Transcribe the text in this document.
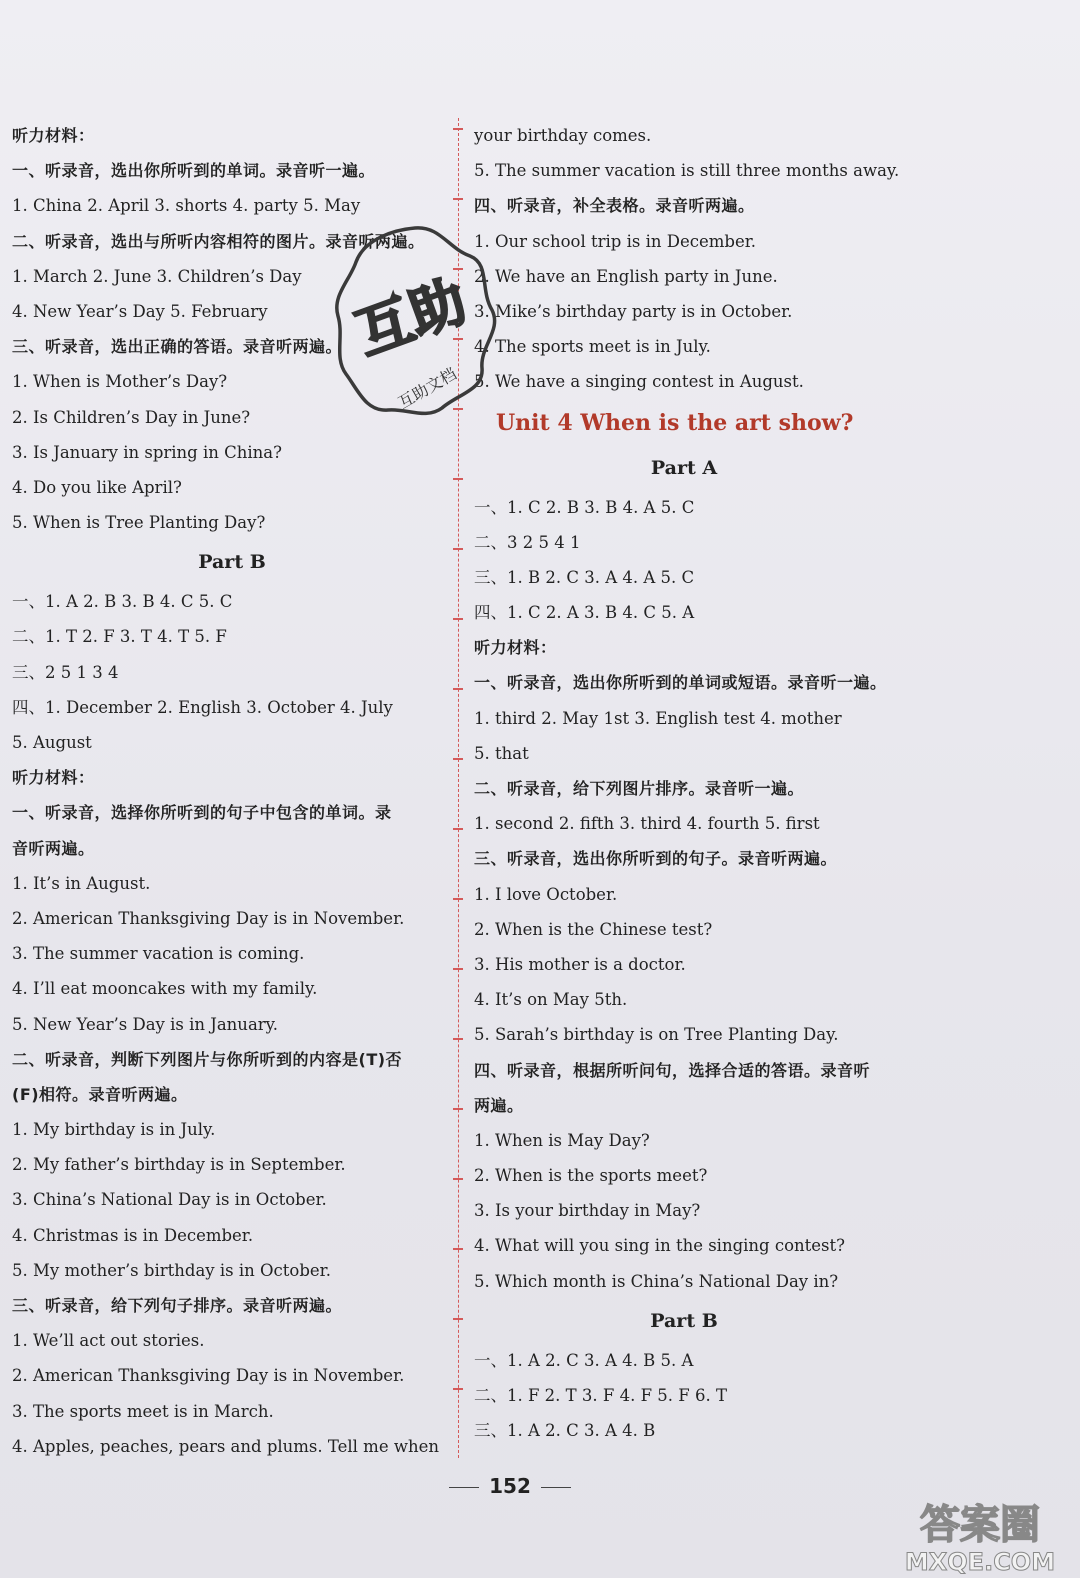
听力材料：
一、听录音，选出你所听到的单词。录音听一遍。
1. China 2. April 3. shorts 4. party 5. May
二、听录音，选出与所听内容相符的图片。录音听两遍。
1. March 2. June 3. Children’s Day
4. New Year’s Day 5. February
三、听录音，选出正确的答语。录音听两遍。
1. When is Mother’s Day?
2. Is Children’s Day in June?
3. Is January in spring in China?
4. Do you like April?
5. When is Tree Planting Day?
Part B
一、1. A 2. B 3. B 4. C 5. C
二、1. T 2. F 3. T 4. T 5. F
三、2 5 1 3 4
四、1. December 2. English 3. October 4. July
5. August
听力材料：
一、听录音，选择你所听到的句子中包含的单词。录
音听两遍。
1. It’s in August.
2. American Thanksgiving Day is in November.
3. The summer vacation is coming.
4. I’ll eat mooncakes with my family.
5. New Year’s Day is in January.
二、听录音，判断下列图片与你所听到的内容是(T)否
(F)相符。录音听两遍。
1. My birthday is in July.
2. My father’s birthday is in September.
3. China’s National Day is in October.
4. Christmas is in December.
5. My mother’s birthday is in October.
三、听录音，给下列句子排序。录音听两遍。
1. We’ll act out stories.
2. American Thanksgiving Day is in November.
3. The sports meet is in March.
4. Apples, peaches, pears and plums. Tell me when
your birthday comes.
5. The summer vacation is still three months away.
四、听录音，补全表格。录音听两遍。
1. Our school trip is in December.
2. We have an English party in June.
3. Mike’s birthday party is in October.
4. The sports meet is in July.
5. We have a singing contest in August.
Unit 4 When is the art show?
Part A
一、1. C 2. B 3. B 4. A 5. C
二、3 2 5 4 1
三、1. B 2. C 3. A 4. A 5. C
四、1. C 2. A 3. B 4. C 5. A
听力材料：
一、听录音，选出你所听到的单词或短语。录音听一遍。
1. third 2. May 1st 3. English test 4. mother
5. that
二、听录音，给下列图片排序。录音听一遍。
1. second 2. fifth 3. third 4. fourth 5. first
三、听录音，选出你所听到的句子。录音听两遍。
1. I love October.
2. When is the Chinese test?
3. His mother is a doctor.
4. It’s on May 5th.
5. Sarah’s birthday is on Tree Planting Day.
四、听录音，根据所听问句，选择合适的答语。录音听
两遍。
1. When is May Day?
2. When is the sports meet?
3. Is your birthday in May?
4. What will you sing in the singing contest?
5. Which month is China’s National Day in?
Part B
一、1. A 2. C 3. A 4. B 5. A
二、1. F 2. T 3. F 4. F 5. F 6. T
三、1. A 2. C 3. A 4. B
互助
互助文档
152
答案圈
MXQE.COM
